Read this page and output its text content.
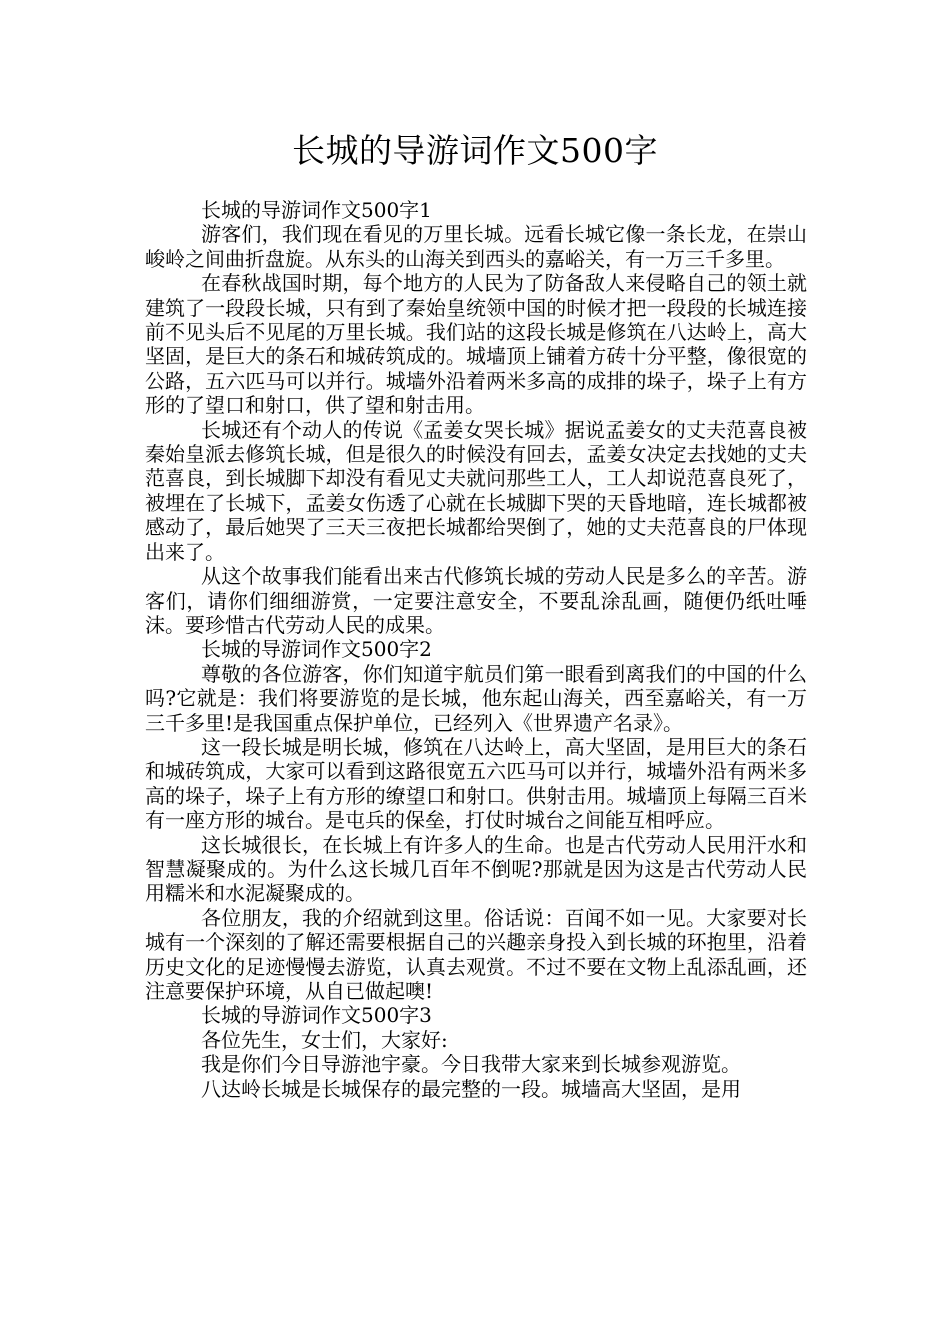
长城的导游词作文500字

长城的导游词作文500字1

游客们，我们现在看见的万里长城。远看长城它像一条长龙，在崇山峻岭之间曲折盘旋。从东头的山海关到西头的嘉峪关，有一万三千多里。

在春秋战国时期，每个地方的人民为了防备敌人来侵略自己的领土就建筑了一段段长城，只有到了秦始皇统领中国的时候才把一段段的长城连接前不见头后不见尾的万里长城。我们站的这段长城是修筑在八达岭上，高大坚固，是巨大的条石和城砖筑成的。城墙顶上铺着方砖十分平整，像很宽的公路，五六匹马可以并行。城墙外沿着两米多高的成排的垛子，垛子上有方形的了望口和射口，供了望和射击用。

长城还有个动人的传说《孟姜女哭长城》据说孟姜女的丈夫范喜良被秦始皇派去修筑长城，但是很久的时候没有回去，孟姜女决定去找她的丈夫范喜良，到长城脚下却没有看见丈夫就问那些工人，工人却说范喜良死了，被埋在了长城下，孟姜女伤透了心就在长城脚下哭的天昏地暗，连长城都被感动了，最后她哭了三天三夜把长城都给哭倒了，她的丈夫范喜良的尸体现出来了。

从这个故事我们能看出来古代修筑长城的劳动人民是多么的辛苦。游客们，请你们细细游赏，一定要注意安全，不要乱涂乱画，随便仍纸吐唾沫。要珍惜古代劳动人民的成果。

长城的导游词作文500字2

尊敬的各位游客，你们知道宇航员们第一眼看到离我们的中国的什么吗?它就是：我们将要游览的是长城，他东起山海关，西至嘉峪关，有一万三千多里!是我国重点保护单位，已经列入《世界遗产名录》。

这一段长城是明长城，修筑在八达岭上，高大坚固，是用巨大的条石和城砖筑成，大家可以看到这路很宽五六匹马可以并行，城墙外沿有两米多高的垛子，垛子上有方形的缭望口和射口。供射击用。城墙顶上每隔三百米有一座方形的城台。是屯兵的保垒，打仗时城台之间能互相呼应。

这长城很长，在长城上有许多人的生命。也是古代劳动人民用汗水和智慧凝聚成的。为什么这长城几百年不倒呢?那就是因为这是古代劳动人民用糯米和水泥凝聚成的。

各位朋友，我的介绍就到这里。俗话说：百闻不如一见。大家要对长城有一个深刻的了解还需要根据自己的兴趣亲身投入到长城的环抱里，沿着历史文化的足迹慢慢去游览，认真去观赏。不过不要在文物上乱添乱画，还注意要保护环境，从自已做起噢!

长城的导游词作文500字3

各位先生，女士们，大家好:

我是你们今日导游池宇豪。今日我带大家来到长城参观游览。

八达岭长城是长城保存的最完整的一段。城墙高大坚固，是用
